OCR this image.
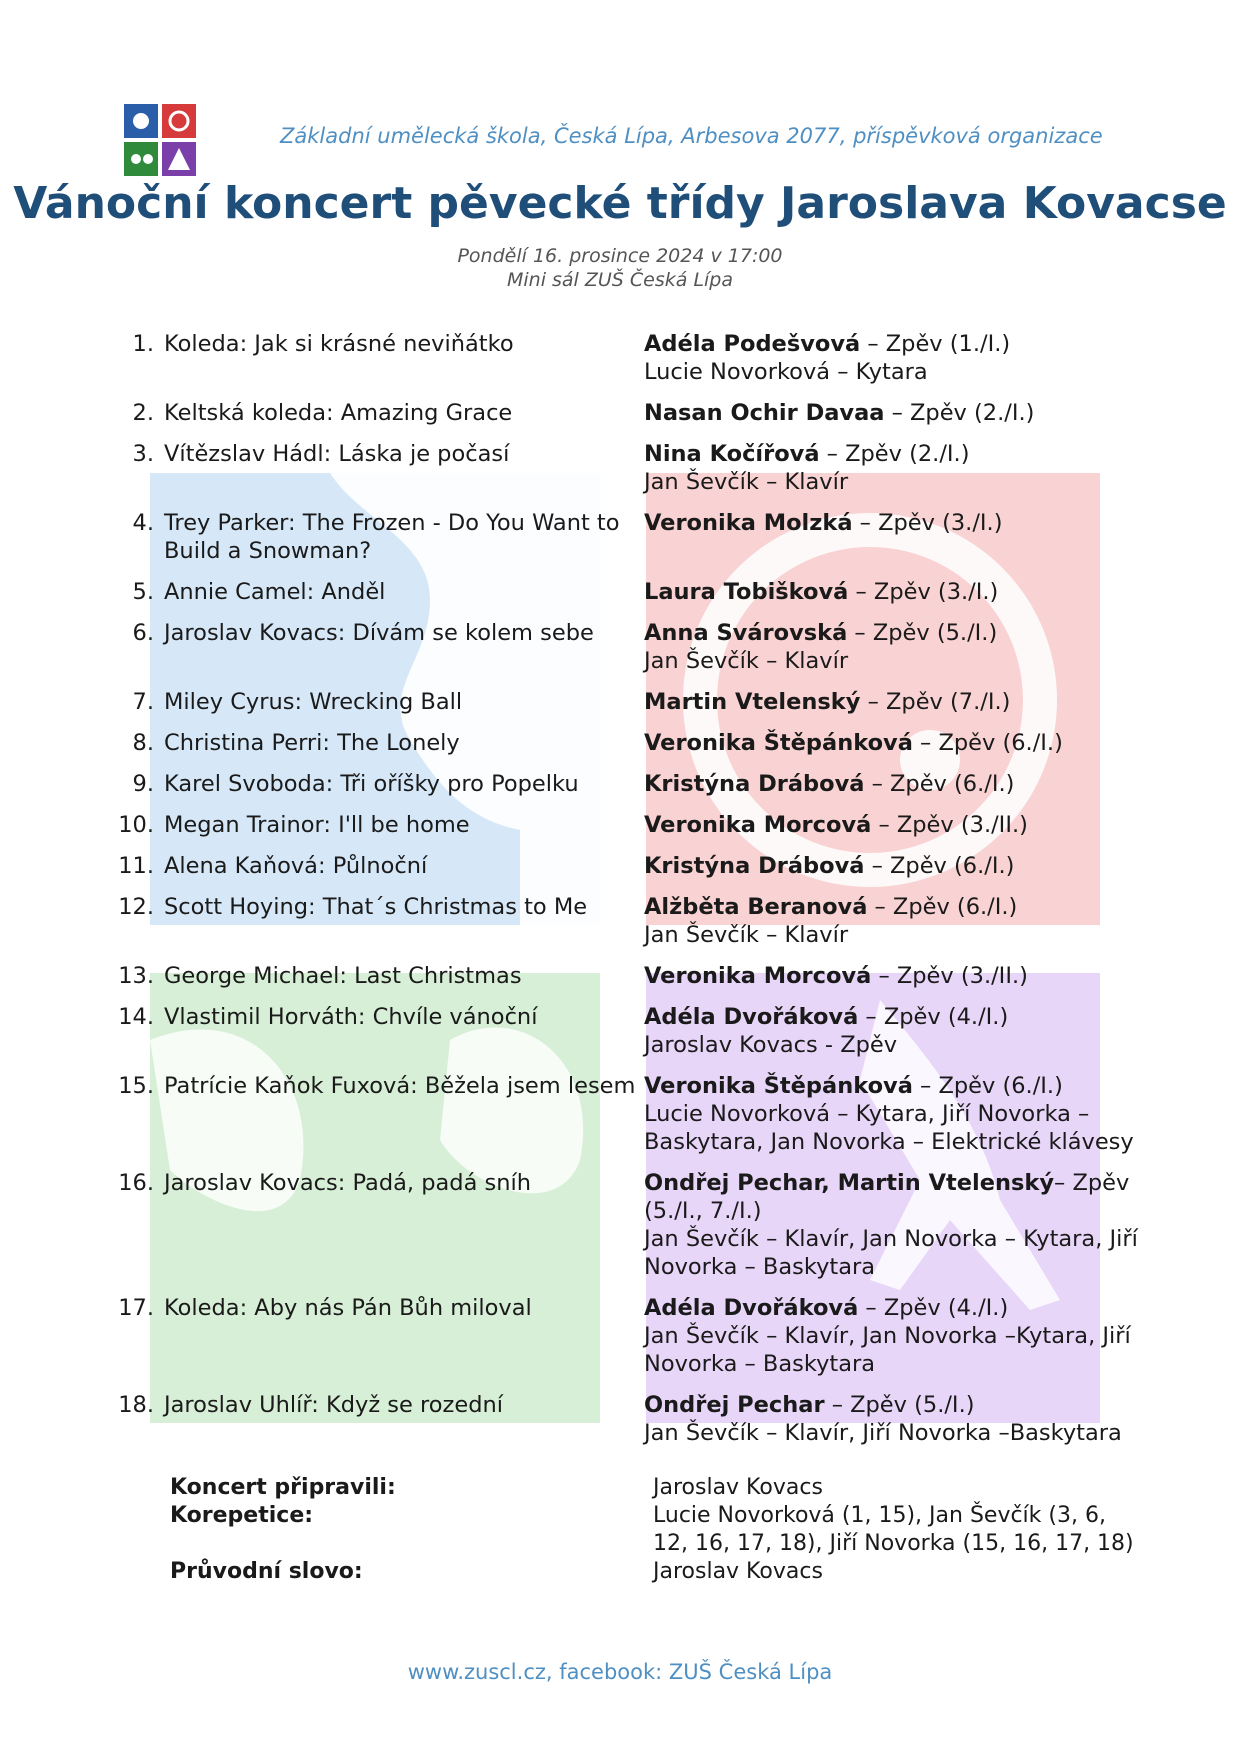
Základní umělecká škola, Česká Lípa, Arbesova 2077, příspěvková organizace
Vánoční koncert pěvecké třídy Jaroslava Kovacse
Pondělí 16. prosince 2024 v 17:00
Mini sál ZUŠ Česká Lípa
1. Koleda: Jak si krásné neviňátko	Adéla Podešvová – Zpěv (1./I.)
Lucie Novorková – Kytara
2. Keltská koleda: Amazing Grace	Nasan Ochir Davaa – Zpěv (2./I.)
3. Vítězslav Hádl: Láska je počasí	Nina Kočířová – Zpěv (2./I.)
Jan Ševčík – Klavír
4. Trey Parker: The Frozen - Do You Want to Build a Snowman?
Veronika Molzká – Zpěv (3./I.)
5. Annie Camel: Anděl	Laura Tobišková – Zpěv (3./I.)
6. Jaroslav Kovacs: Dívám se kolem sebe	Anna Svárovská – Zpěv (5./I.)
Jan Ševčík – Klavír
7. Miley Cyrus: Wrecking Ball	Martin Vtelenský – Zpěv (7./I.)
8. Christina Perri: The Lonely	Veronika Štěpánková – Zpěv (6./I.)
9. Karel Svoboda: Tři oříšky pro Popelku	Kristýna Drábová – Zpěv (6./I.)
10. Megan Trainor: I'll be home	Veronika Morcová – Zpěv (3./II.)
11. Alena Kaňová: Půlnoční	Kristýna Drábová – Zpěv (6./I.)
12. Scott Hoying: That´s Christmas to Me	Alžběta Beranová – Zpěv (6./I.)
Jan Ševčík – Klavír
13. George Michael: Last Christmas	Veronika Morcová – Zpěv (3./II.)
14. Vlastimil Horváth: Chvíle vánoční	Adéla Dvořáková – Zpěv (4./I.)
Jaroslav Kovacs - Zpěv
15. Patrície Kaňok Fuxová: Běžela jsem lesem Veronika Štěpánková – Zpěv (6./I.)
Lucie Novorková – Kytara, Jiří Novorka – Baskytara, Jan Novorka – Elektrické klávesy
16. Jaroslav Kovacs: Padá, padá sníh	Ondřej Pechar, Martin Vtelenský– Zpěv (5./I., 7./I.)
Jan Ševčík – Klavír, Jan Novorka – Kytara, Jiří Novorka – Baskytara
17. Koleda: Aby nás Pán Bůh miloval	Adéla Dvořáková – Zpěv (4./I.)
Jan Ševčík – Klavír, Jan Novorka –Kytara, Jiří Novorka – Baskytara
18. Jaroslav Uhlíř: Když se rozední	Ondřej Pechar – Zpěv (5./I.)
Jan Ševčík – Klavír, Jiří Novorka –Baskytara
Koncert připravili:	Jaroslav Kovacs
Korepetice:	Lucie Novorková (1, 15), Jan Ševčík (3, 6, 12, 16, 17, 18), Jiří Novorka (15, 16, 17, 18)
Průvodní slovo:	Jaroslav Kovacs
www.zuscl.cz, facebook: ZUŠ Česká Lípa
